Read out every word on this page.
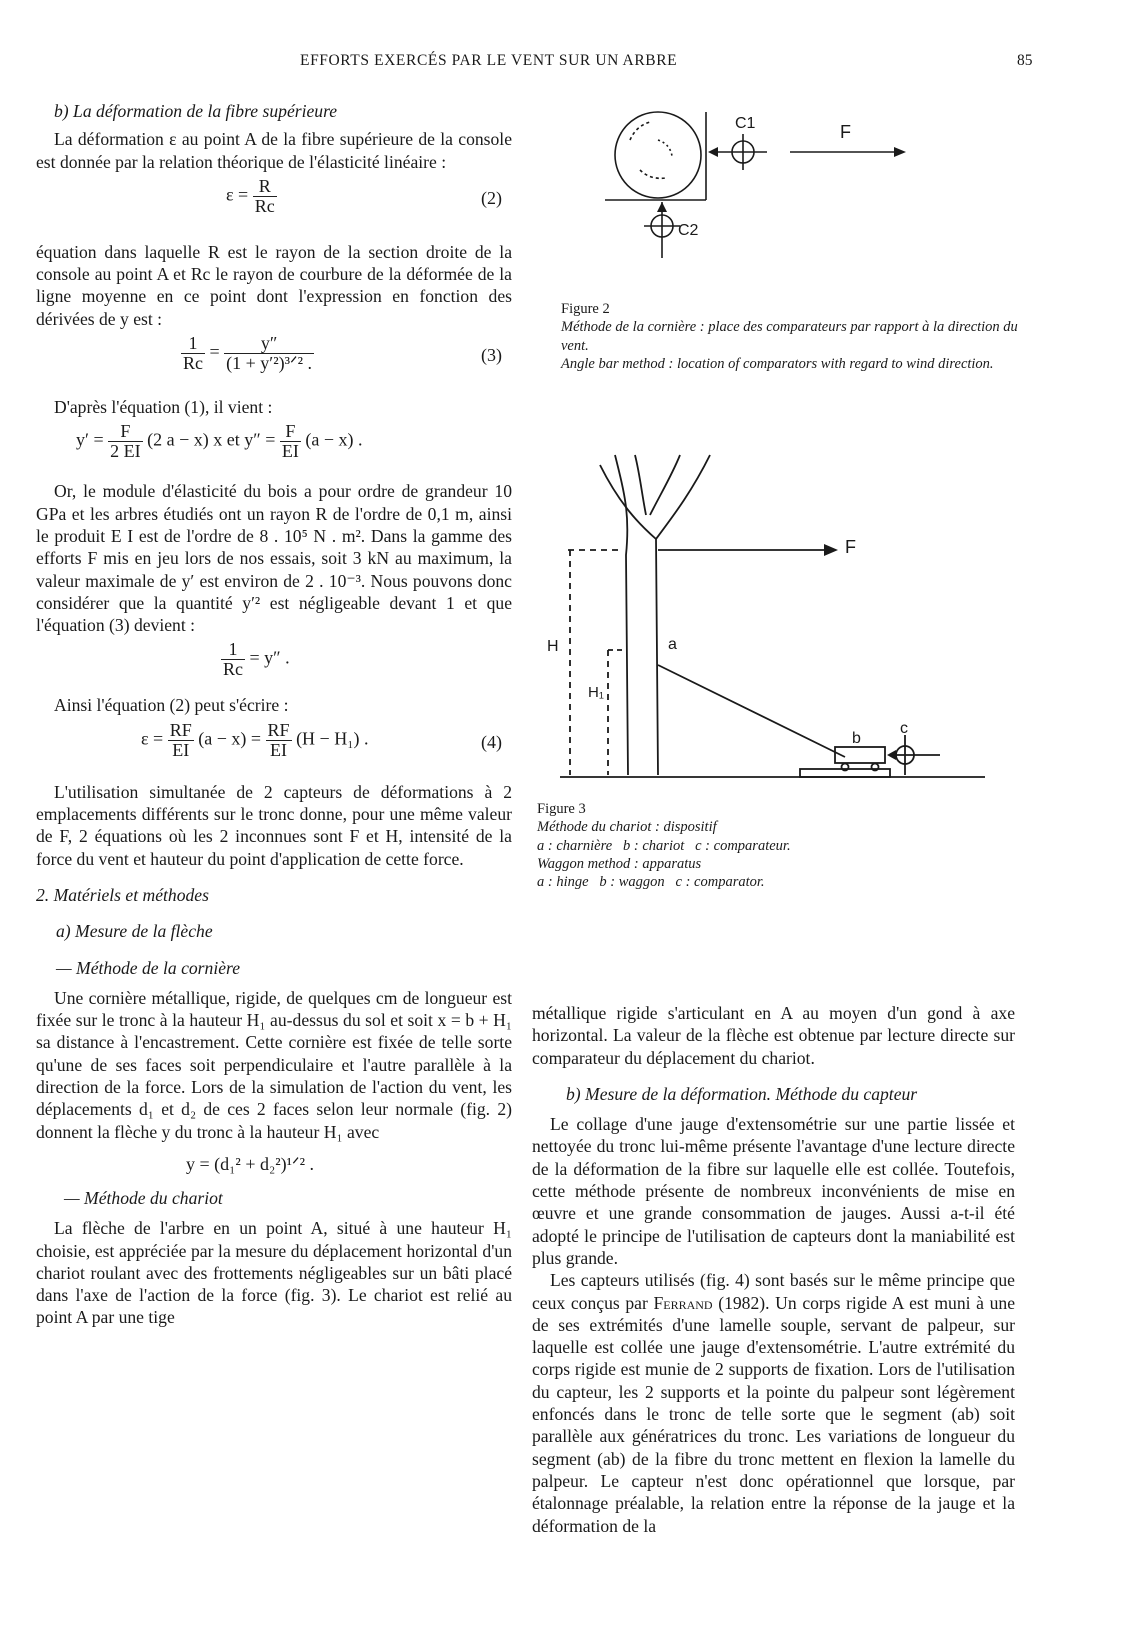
EFFORTS EXERCÉS PAR LE VENT SUR UN ARBRE	85

b) La déformation de la fibre supérieure

La déformation ε au point A de la fibre supérieure de la console est donnée par la relation théorique de l'élasticité linéaire :

$\varepsilon = \frac{R}{Rc}$	(2)

équation dans laquelle R est le rayon de la section droite de la console au point A et Rc le rayon de courbure de la déformée de la ligne moyenne en ce point dont l'expression en fonction des dérivées de y est :

$\frac{1}{Rc} = \frac{y''}{\text{(1 + y′²)³ᐟ² .}}$	(3)

D'après l'équation (1), il vient :

$y' = \frac{F}{2 EI} (2$ a − x) x et $y'' = \frac{F}{EI} (a - x)$ .

Or, le module d'élasticité du bois a pour ordre de grandeur 10 GPa et les arbres étudiés ont un rayon R de l'ordre de 0,1 m, ainsi le produit E I est de l'ordre de 8 . 10⁵ N . m². Dans la gamme des efforts F mis en jeu lors de nos essais, soit 3 kN au maximum, la valeur maximale de y′ est environ de 2 . 10⁻³. Nous pouvons donc considérer que la quantité y′² est négligeable devant 1 et que l'équation (3) devient :

$\frac{1}{Rc} = y''$ .

Ainsi l'équation (2) peut s'écrire :

$\varepsilon = \frac{RF}{EI} (a - x) = \frac{RF}{EI} (H - H_1)$ .	(4)

L'utilisation simultanée de 2 capteurs de déformations à 2 emplacements différents sur le tronc donne, pour une même valeur de F, 2 équations où les 2 inconnues sont F et H, intensité de la force du vent et hauteur du point d'application de cette force.

2. Matériels et méthodes

a) Mesure de la flèche

— Méthode de la cornière

Une cornière métallique, rigide, de quelques cm de longueur est fixée sur le tronc à la hauteur H₁ au-dessus du sol et soit x = b + H₁ sa distance à l'encastrement. Cette cornière est fixée de telle sorte qu'une de ses faces soit perpendiculaire et l'autre parallèle à la direction de la force. Lors de la simulation de l'action du vent, les déplacements d₁ et d₂ de ces 2 faces selon leur normale (fig. 2) donnent la flèche y du tronc à la hauteur H₁ avec

y = (d₁² + d₂²)¹ᐟ² .

— Méthode du chariot

La flèche de l'arbre en un point A, situé à une hauteur H₁ choisie, est appréciée par la mesure du déplacement horizontal d'un chariot roulant avec des frottements négligeables sur un bâti placé dans l'axe de l'action de la force (fig. 3). Le chariot est relié au point A par une tige

C1
C2
F
Figure 2
Méthode de la cornière : place des comparateurs par rapport à la direction du vent.
Angle bar method : location of comparators with regard to wind direction.
F
H
H₁
a
b
c
Figure 3
Méthode du chariot : dispositif
a : charnière   b : chariot   c : comparateur.
Waggon method : apparatus
a : hinge   b : waggon   c : comparator.

métallique rigide s'articulant en A au moyen d'un gond à axe horizontal. La valeur de la flèche est obtenue par lecture directe sur comparateur du déplacement du chariot.

b) Mesure de la déformation. Méthode du capteur

Le collage d'une jauge d'extensométrie sur une partie lissée et nettoyée du tronc lui-même présente l'avantage d'une lecture directe de la déformation de la fibre sur laquelle elle est collée. Toutefois, cette méthode présente de nombreux inconvénients de mise en œuvre et une grande consommation de jauges. Aussi a-t-il été adopté le principe de l'utilisation de capteurs dont la maniabilité est plus grande.

Les capteurs utilisés (fig. 4) sont basés sur le même principe que ceux conçus par Ferrand (1982). Un corps rigide A est muni à une de ses extrémités d'une lamelle souple, servant de palpeur, sur laquelle est collée une jauge d'extensométrie. L'autre extrémité du corps rigide est munie de 2 supports de fixation. Lors de l'utilisation du capteur, les 2 supports et la pointe du palpeur sont légèrement enfoncés dans le tronc de telle sorte que le segment (ab) soit parallèle aux génératrices du tronc. Les variations de longueur du segment (ab) de la fibre du tronc mettent en flexion la lamelle du palpeur. Le capteur n'est donc opérationnel que lorsque, par étalonnage préalable, la relation entre la réponse de la jauge et la déformation de la
